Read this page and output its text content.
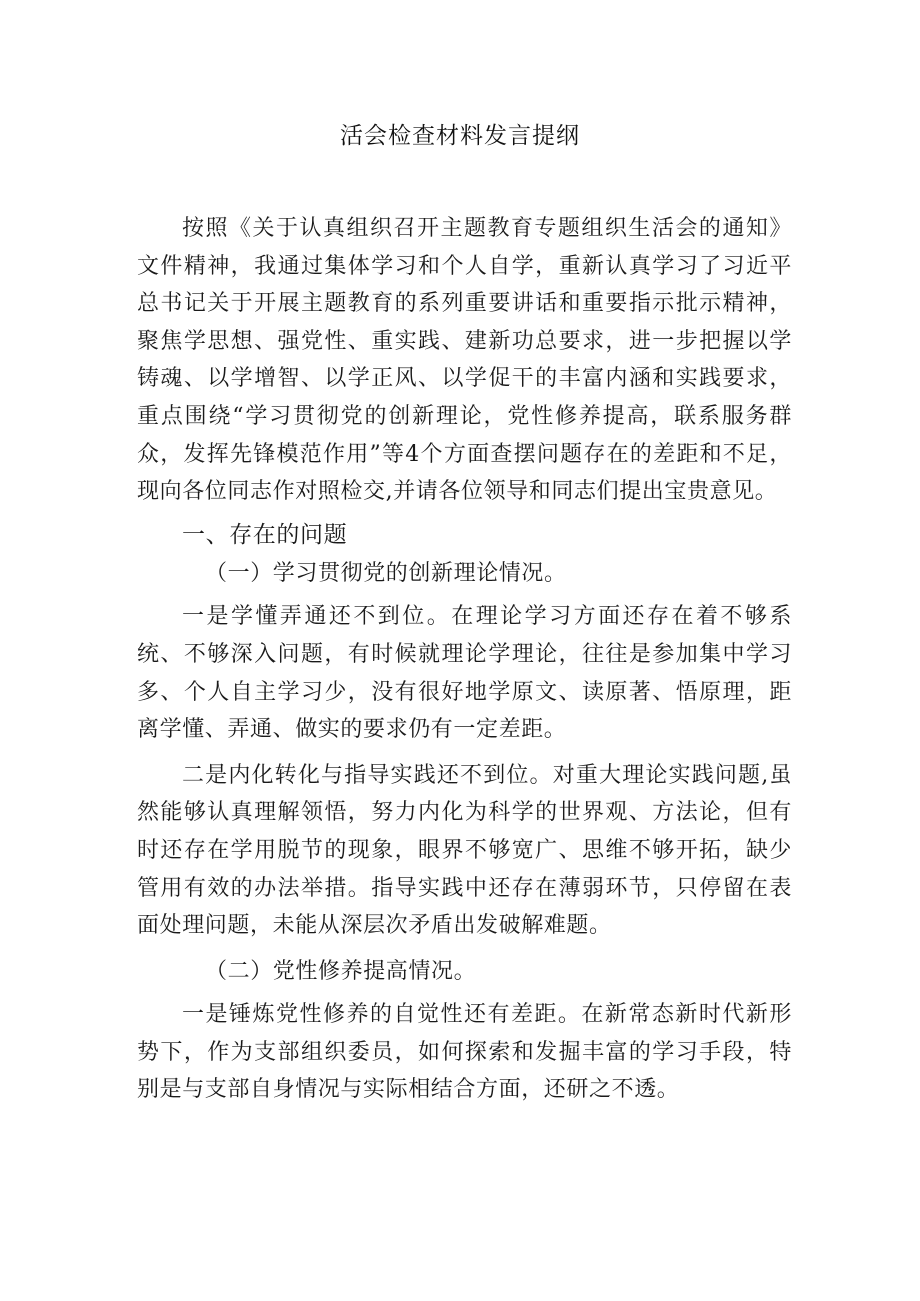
活会检查材料发言提纲

按照《关于认真组织召开主题教育专题组织生活会的通知》文件精神，我通过集体学习和个人自学，重新认真学习了习近平总书记关于开展主题教育的系列重要讲话和重要指示批示精神，聚焦学思想、强党性、重实践、建新功总要求，进一步把握以学铸魂、以学增智、以学正风、以学促干的丰富内涵和实践要求，重点围绕“学习贯彻党的创新理论，党性修养提高，联系服务群众，发挥先锋模范作用”等4个方面查摆问题存在的差距和不足，现向各位同志作对照检交,并请各位领导和同志们提出宝贵意见。

一、存在的问题

（一）学习贯彻党的创新理论情况。

一是学懂弄通还不到位。在理论学习方面还存在着不够系统、不够深入问题，有时候就理论学理论，往往是参加集中学习多、个人自主学习少，没有很好地学原文、读原著、悟原理，距离学懂、弄通、做实的要求仍有一定差距。

二是内化转化与指导实践还不到位。对重大理论实践问题,虽然能够认真理解领悟，努力内化为科学的世界观、方法论，但有时还存在学用脱节的现象，眼界不够宽广、思维不够开拓，缺少管用有效的办法举措。指导实践中还存在薄弱环节，只停留在表面处理问题，未能从深层次矛盾出发破解难题。

（二）党性修养提高情况。

一是锤炼党性修养的自觉性还有差距。在新常态新时代新形势下，作为支部组织委员，如何探索和发掘丰富的学习手段，特别是与支部自身情况与实际相结合方面，还研之不透。
